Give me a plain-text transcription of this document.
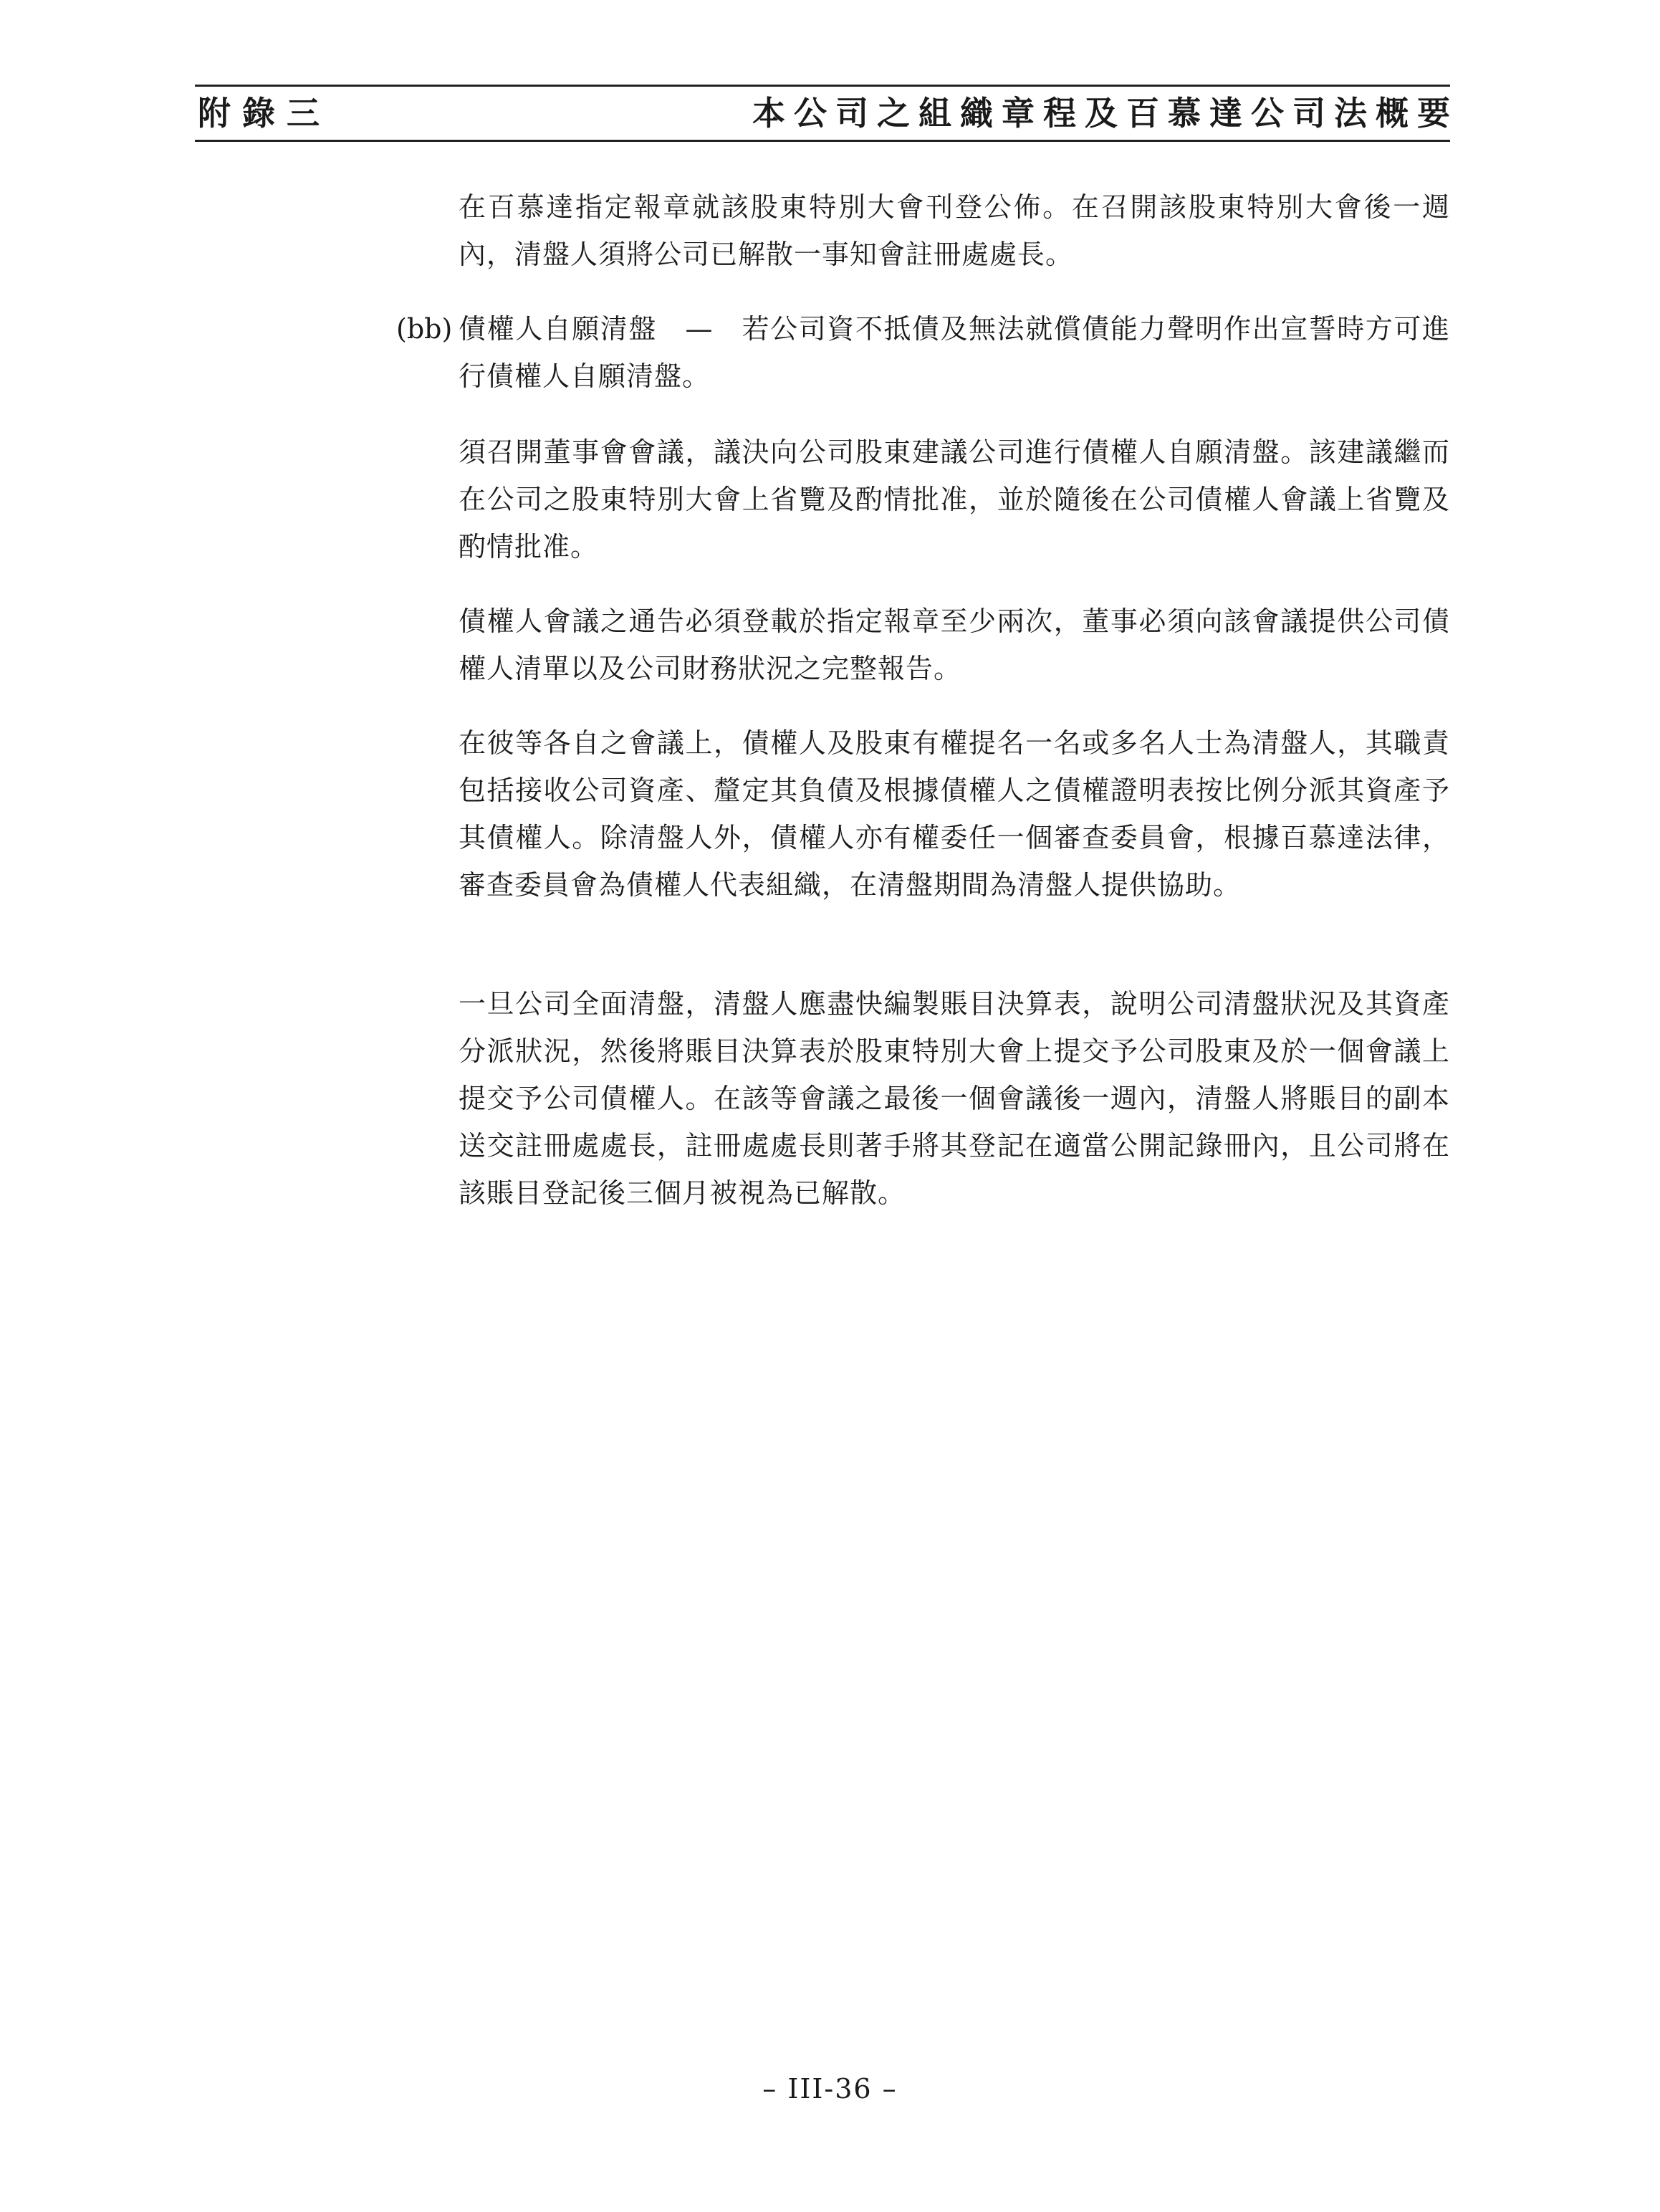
附錄三	本公司之組織章程及百慕達公司法概要

在百慕達指定報章就該股東特別大會刊登公佈。在召開該股東特別大會後一週內，清盤人須將公司已解散一事知會註冊處處長。

(bb) 債權人自願清盤　—　若公司資不抵債及無法就償債能力聲明作出宣誓時方可進行債權人自願清盤。

須召開董事會會議，議決向公司股東建議公司進行債權人自願清盤。該建議繼而在公司之股東特別大會上省覽及酌情批准，並於隨後在公司債權人會議上省覽及酌情批准。

債權人會議之通告必須登載於指定報章至少兩次，董事必須向該會議提供公司債權人清單以及公司財務狀況之完整報告。

在彼等各自之會議上，債權人及股東有權提名一名或多名人士為清盤人，其職責包括接收公司資產、釐定其負債及根據債權人之債權證明表按比例分派其資產予其債權人。除清盤人外，債權人亦有權委任一個審查委員會，根據百慕達法律，審查委員會為債權人代表組織，在清盤期間為清盤人提供協助。

一旦公司全面清盤，清盤人應盡快編製賬目決算表，說明公司清盤狀況及其資產分派狀況，然後將賬目決算表於股東特別大會上提交予公司股東及於一個會議上提交予公司債權人。在該等會議之最後一個會議後一週內，清盤人將賬目的副本送交註冊處處長，註冊處處長則著手將其登記在適當公開記錄冊內，且公司將在該賬目登記後三個月被視為已解散。

– III-36 –
